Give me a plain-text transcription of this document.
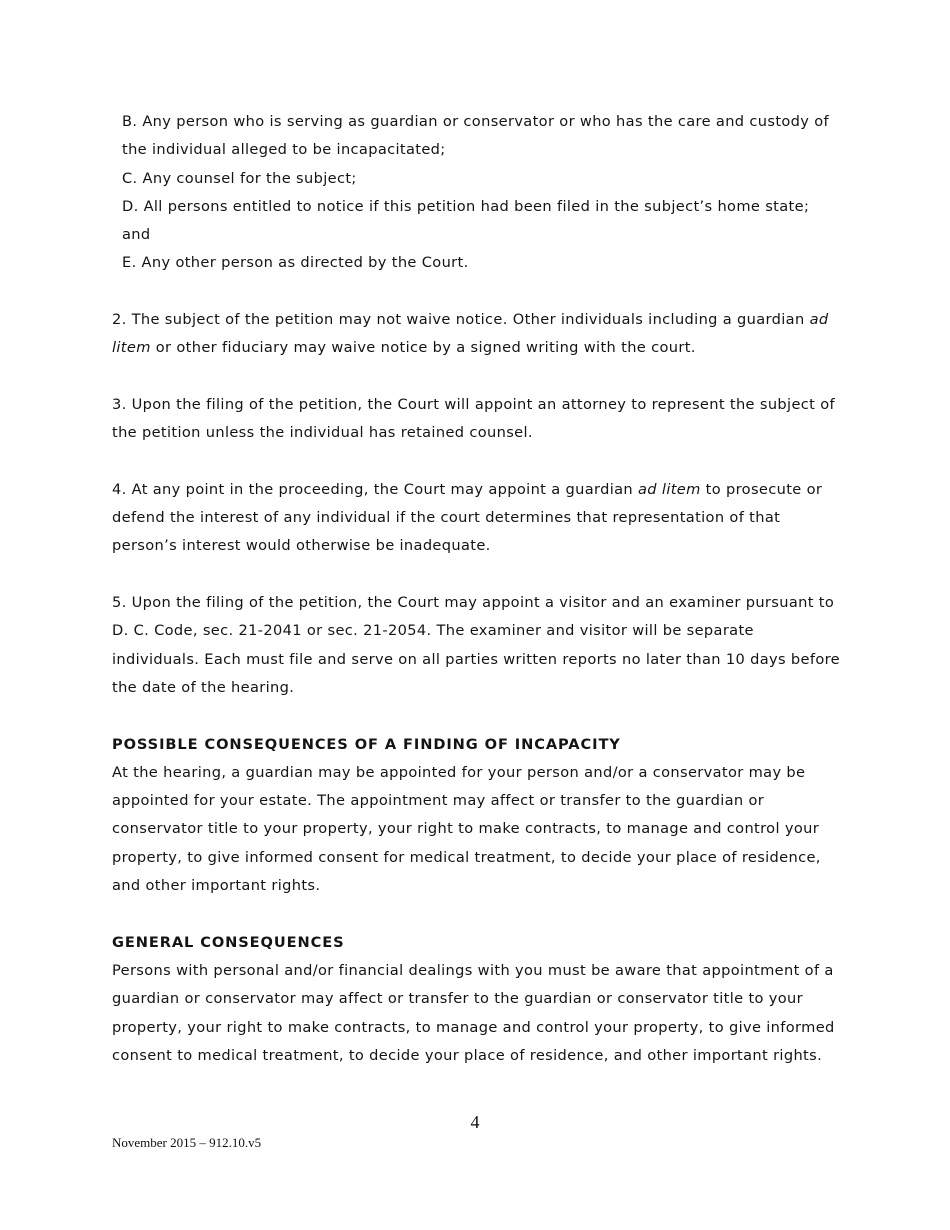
B. Any person who is serving as guardian or conservator or who has the care and custody of the individual alleged to be incapacitated;

C. Any counsel for the subject;

D. All persons entitled to notice if this petition had been filed in the subject’s home state; and

E. Any other person as directed by the Court.

2. The subject of the petition may not waive notice. Other individuals including a guardian ad litem or other fiduciary may waive notice by a signed writing with the court.

3. Upon the filing of the petition, the Court will appoint an attorney to represent the subject of the petition unless the individual has retained counsel.

4. At any point in the proceeding, the Court may appoint a guardian ad litem to prosecute or defend the interest of any individual if the court determines that representation of that person’s interest would otherwise be inadequate.

5. Upon the filing of the petition, the Court may appoint a visitor and an examiner pursuant to D. C. Code, sec. 21-2041 or sec. 21-2054. The examiner and visitor will be separate individuals. Each must file and serve on all parties written reports no later than 10 days before the date of the hearing.

POSSIBLE CONSEQUENCES OF A FINDING OF INCAPACITY

At the hearing, a guardian may be appointed for your person and/or a conservator may be appointed for your estate. The appointment may affect or transfer to the guardian or conservator title to your property, your right to make contracts, to manage and control your property, to give informed consent for medical treatment, to decide your place of residence, and other important rights.

GENERAL CONSEQUENCES

Persons with personal and/or financial dealings with you must be aware that appointment of a guardian or conservator may affect or transfer to the guardian or conservator title to your property, your right to make contracts, to manage and control your property, to give informed consent to medical treatment, to decide your place of residence, and other important rights.

4
November 2015 – 912.10.v5
